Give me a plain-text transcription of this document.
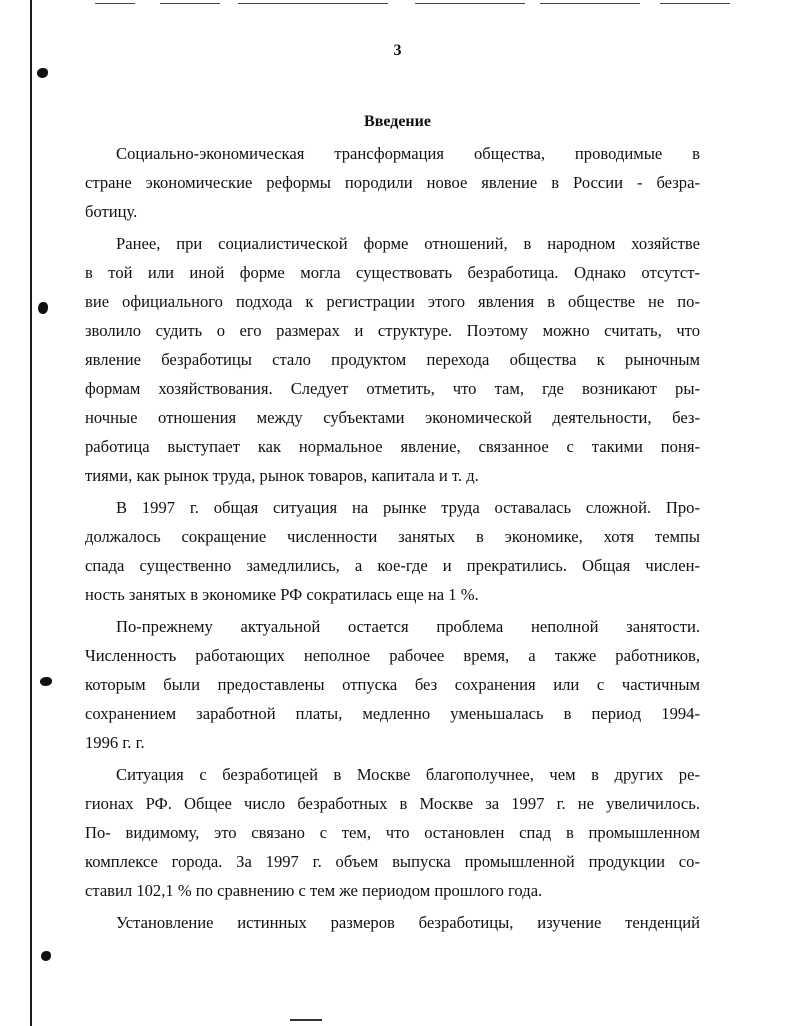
3
Введение
Социально-экономическая трансформация общества, проводимые в
стране экономические реформы породили новое явление в России - безра-
ботицу.
Ранее, при социалистической форме отношений, в народном хозяйстве
в той или иной форме могла существовать безработица. Однако отсутст-
вие официального подхода к регистрации этого явления в обществе не по-
зволило судить о его размерах и структуре. Поэтому можно считать, что
явление безработицы стало продуктом перехода общества к рыночным
формам хозяйствования. Следует отметить, что там, где возникают ры-
ночные отношения между субъектами экономической деятельности, без-
работица выступает как нормальное явление, связанное с такими поня-
тиями, как рынок труда, рынок товаров, капитала и т. д.
В 1997 г. общая ситуация на рынке труда оставалась сложной. Про-
должалось сокращение численности занятых в экономике, хотя темпы
спада существенно замедлились, а кое-где и прекратились. Общая числен-
ность занятых в экономике РФ сократилась еще на 1 %.
По-прежнему актуальной остается проблема неполной занятости.
Численность работающих неполное рабочее время, а также работников,
которым были предоставлены отпуска без сохранения или с частичным
сохранением заработной платы, медленно уменьшалась в период 1994-
1996 г. г.
Ситуация с безработицей в Москве благополучнее, чем в других ре-
гионах РФ. Общее число безработных в Москве за 1997 г. не увеличилось.
По- видимому, это связано с тем, что остановлен спад в промышленном
комплексе города. За 1997 г. объем выпуска промышленной продукции со-
ставил 102,1 % по сравнению с тем же периодом прошлого года.
Установление истинных размеров безработицы, изучение тенденций
